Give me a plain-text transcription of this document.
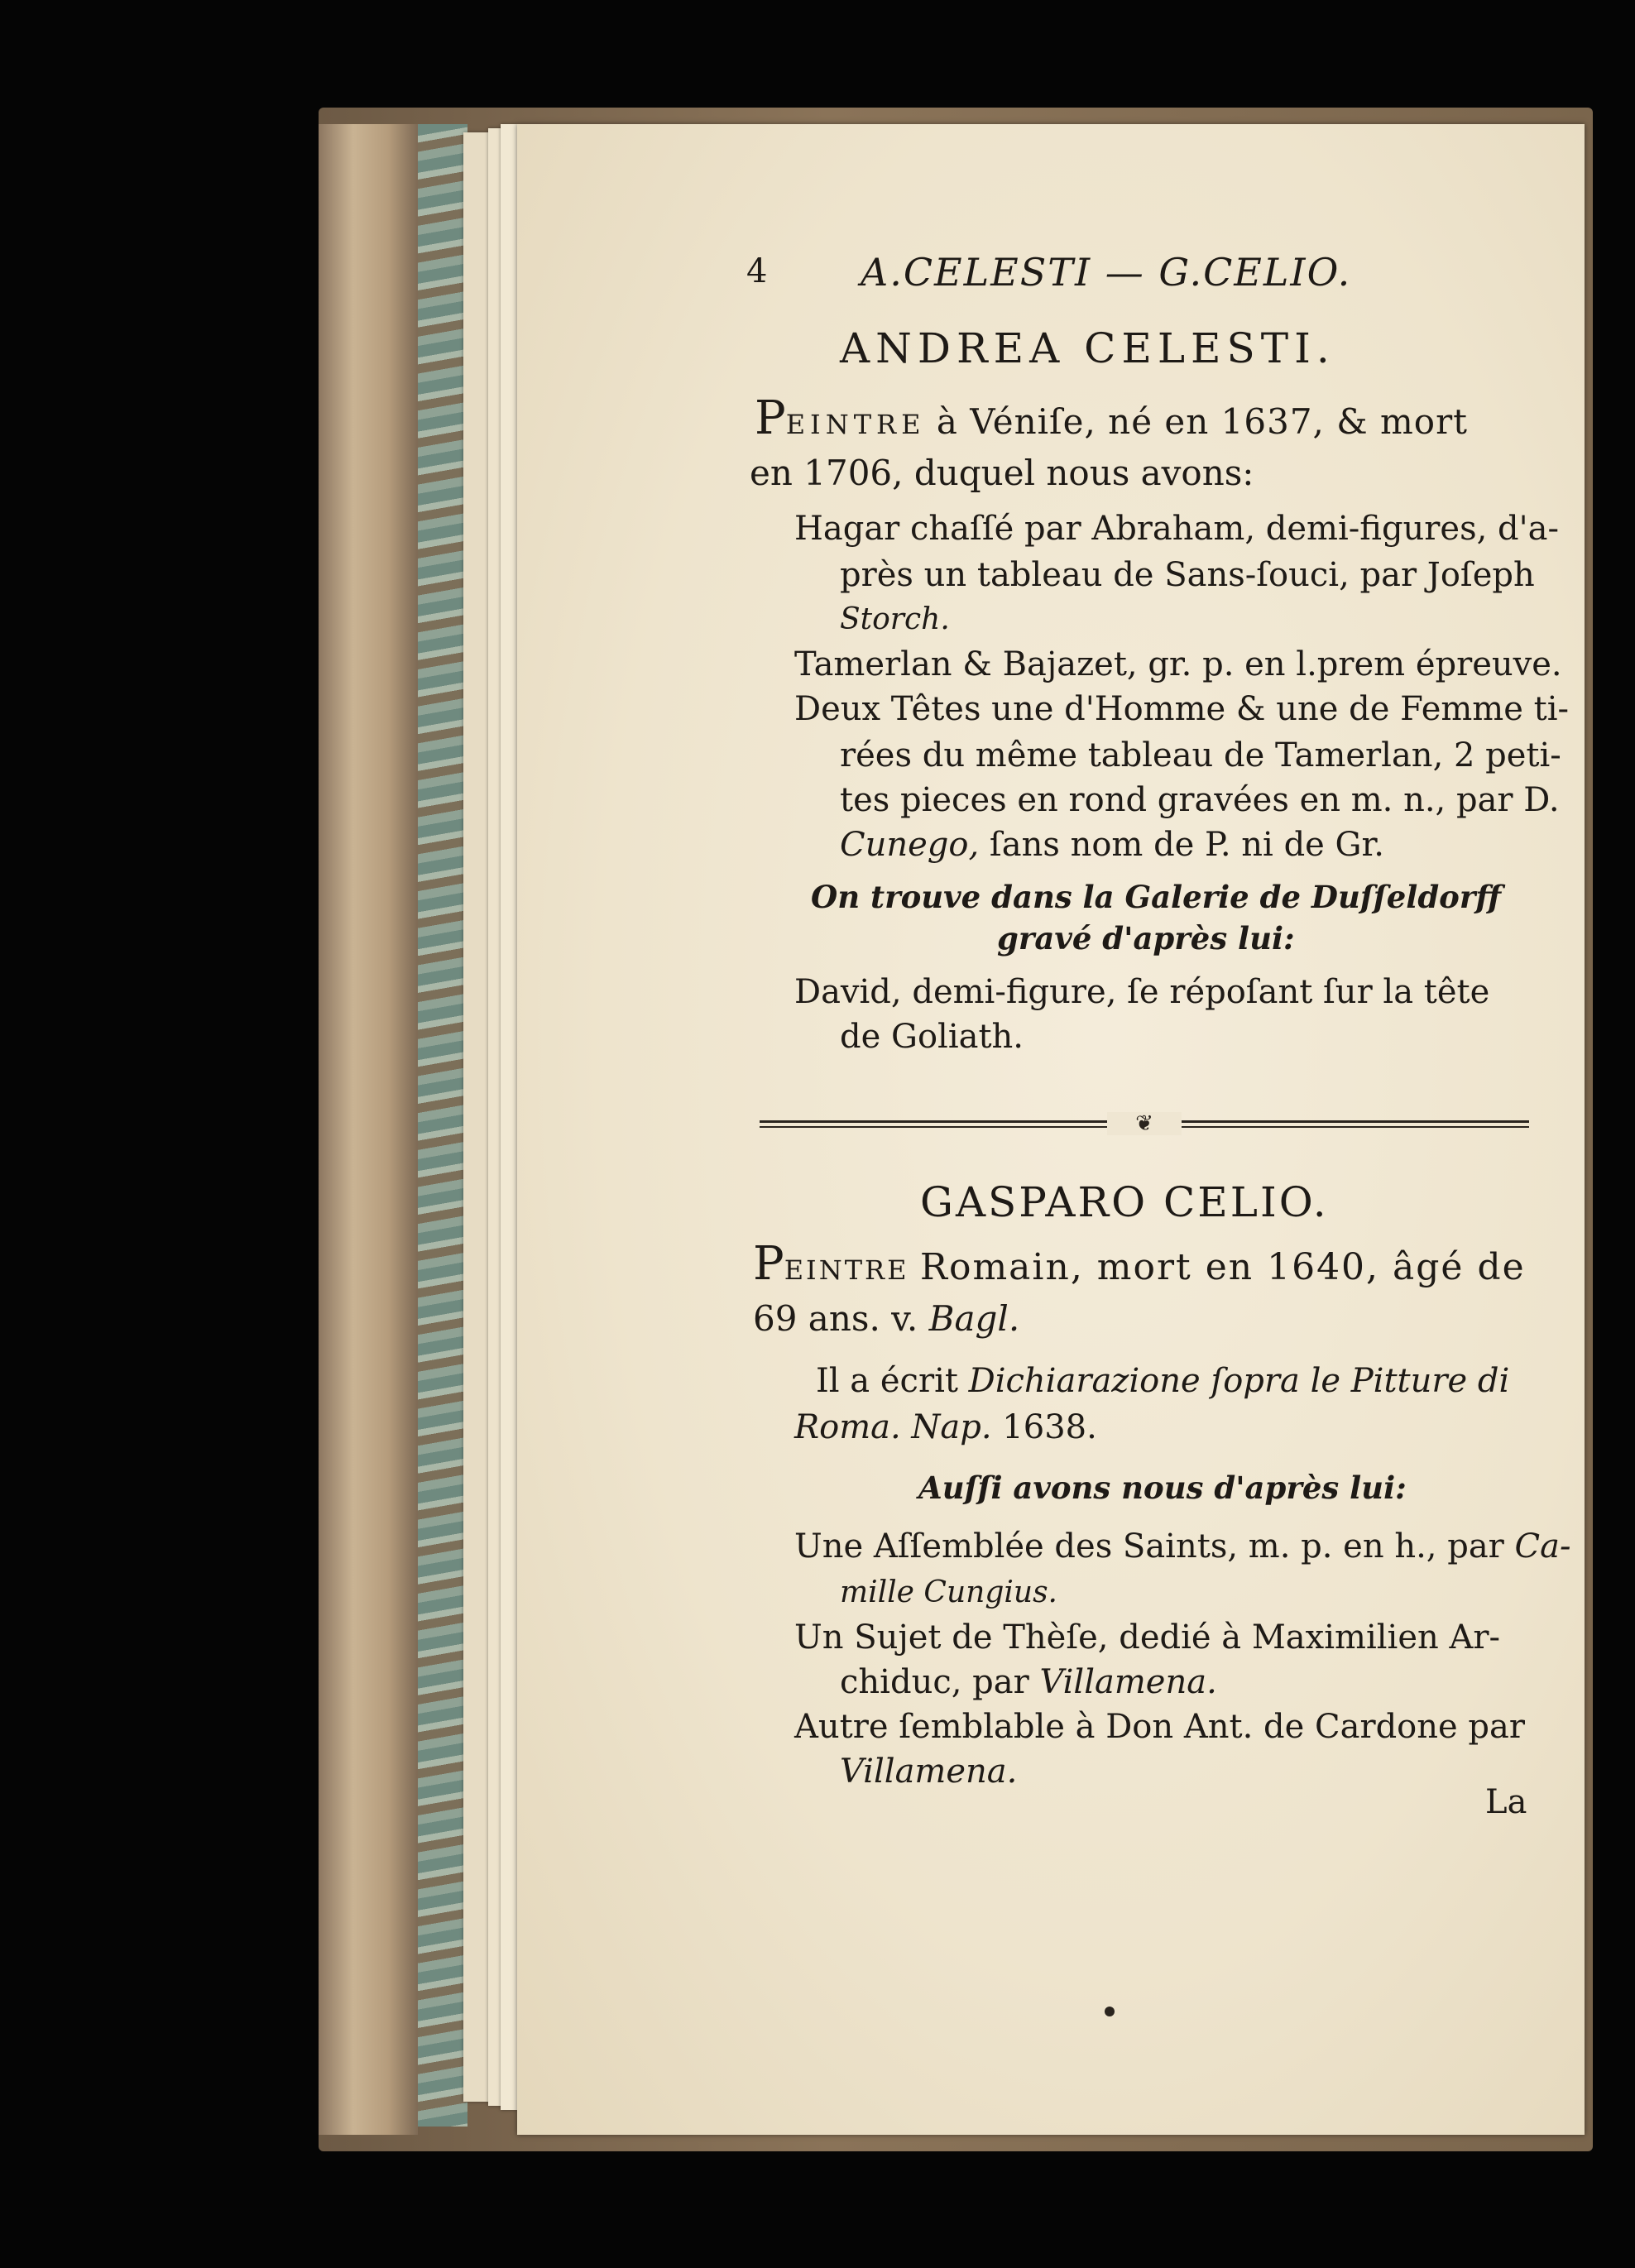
4 A.CELESTI — G.CELIO.
ANDREA CELESTI.
PEINTRE à Véniſe, né en 1637, & mort
en 1706, duquel nous avons:
Hagar chaſſé par Abraham, demi-figures, d'a-
près un tableau de Sans-ſouci, par Joſeph
Storch.
Tamerlan & Bajazet, gr. p. en l.prem épreuve.
Deux Têtes une d'Homme & une de Femme ti-
rées du même tableau de Tamerlan, 2 peti-
tes pieces en rond gravées en m. n., par D.
Cunego, ſans nom de P. ni de Gr.
On trouve dans la Galerie de Duſſeldorff
gravé d'après lui:
David, demi-figure, ſe répoſant ſur la tête
de Goliath.
❦
GASPARO CELIO.
PEINTRE Romain, mort en 1640, âgé de
69 ans. v. Bagl.
Il a écrit Dichiarazione ſopra le Pitture di
Roma. Nap. 1638.
Auſſi avons nous d'après lui:
Une Aſſemblée des Saints, m. p. en h., par Ca-
mille Cungius.
Un Sujet de Thèſe, dedié à Maximilien Ar-
chiduc, par Villamena.
Autre ſemblable à Don Ant. de Cardone par
Villamena.
La
